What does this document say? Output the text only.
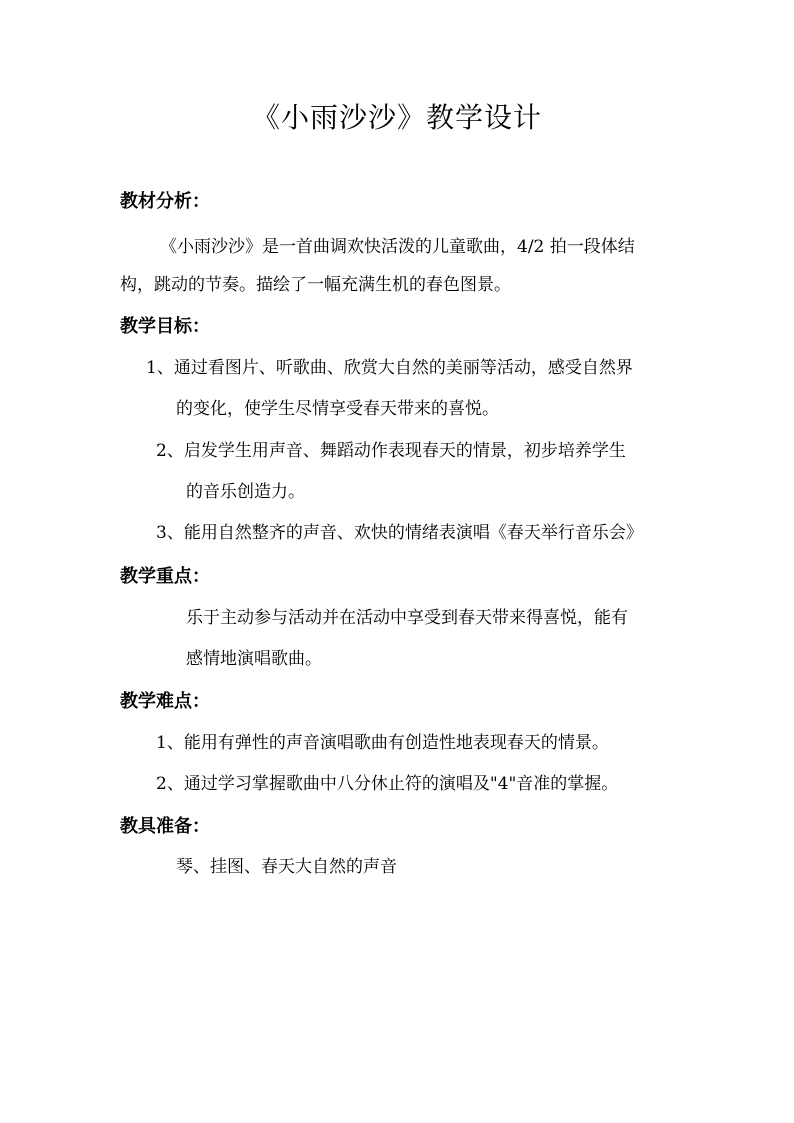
《小雨沙沙》教学设计
教材分析：
《小雨沙沙》是一首曲调欢快活泼的儿童歌曲，4/2 拍一段体结
构，跳动的节奏。描绘了一幅充满生机的春色图景。
教学目标：
1、通过看图片、听歌曲、欣赏大自然的美丽等活动，感受自然界
的变化，使学生尽情享受春天带来的喜悦。
2、启发学生用声音、舞蹈动作表现春天的情景，初步培养学生
的音乐创造力。
3、能用自然整齐的声音、欢快的情绪表演唱《春天举行音乐会》
教学重点：
乐于主动参与活动并在活动中享受到春天带来得喜悦，能有
感情地演唱歌曲。
教学难点：
1、能用有弹性的声音演唱歌曲有创造性地表现春天的情景。
2、通过学习掌握歌曲中八分休止符的演唱及"4"音准的掌握。
教具准备：
琴、挂图、春天大自然的声音
